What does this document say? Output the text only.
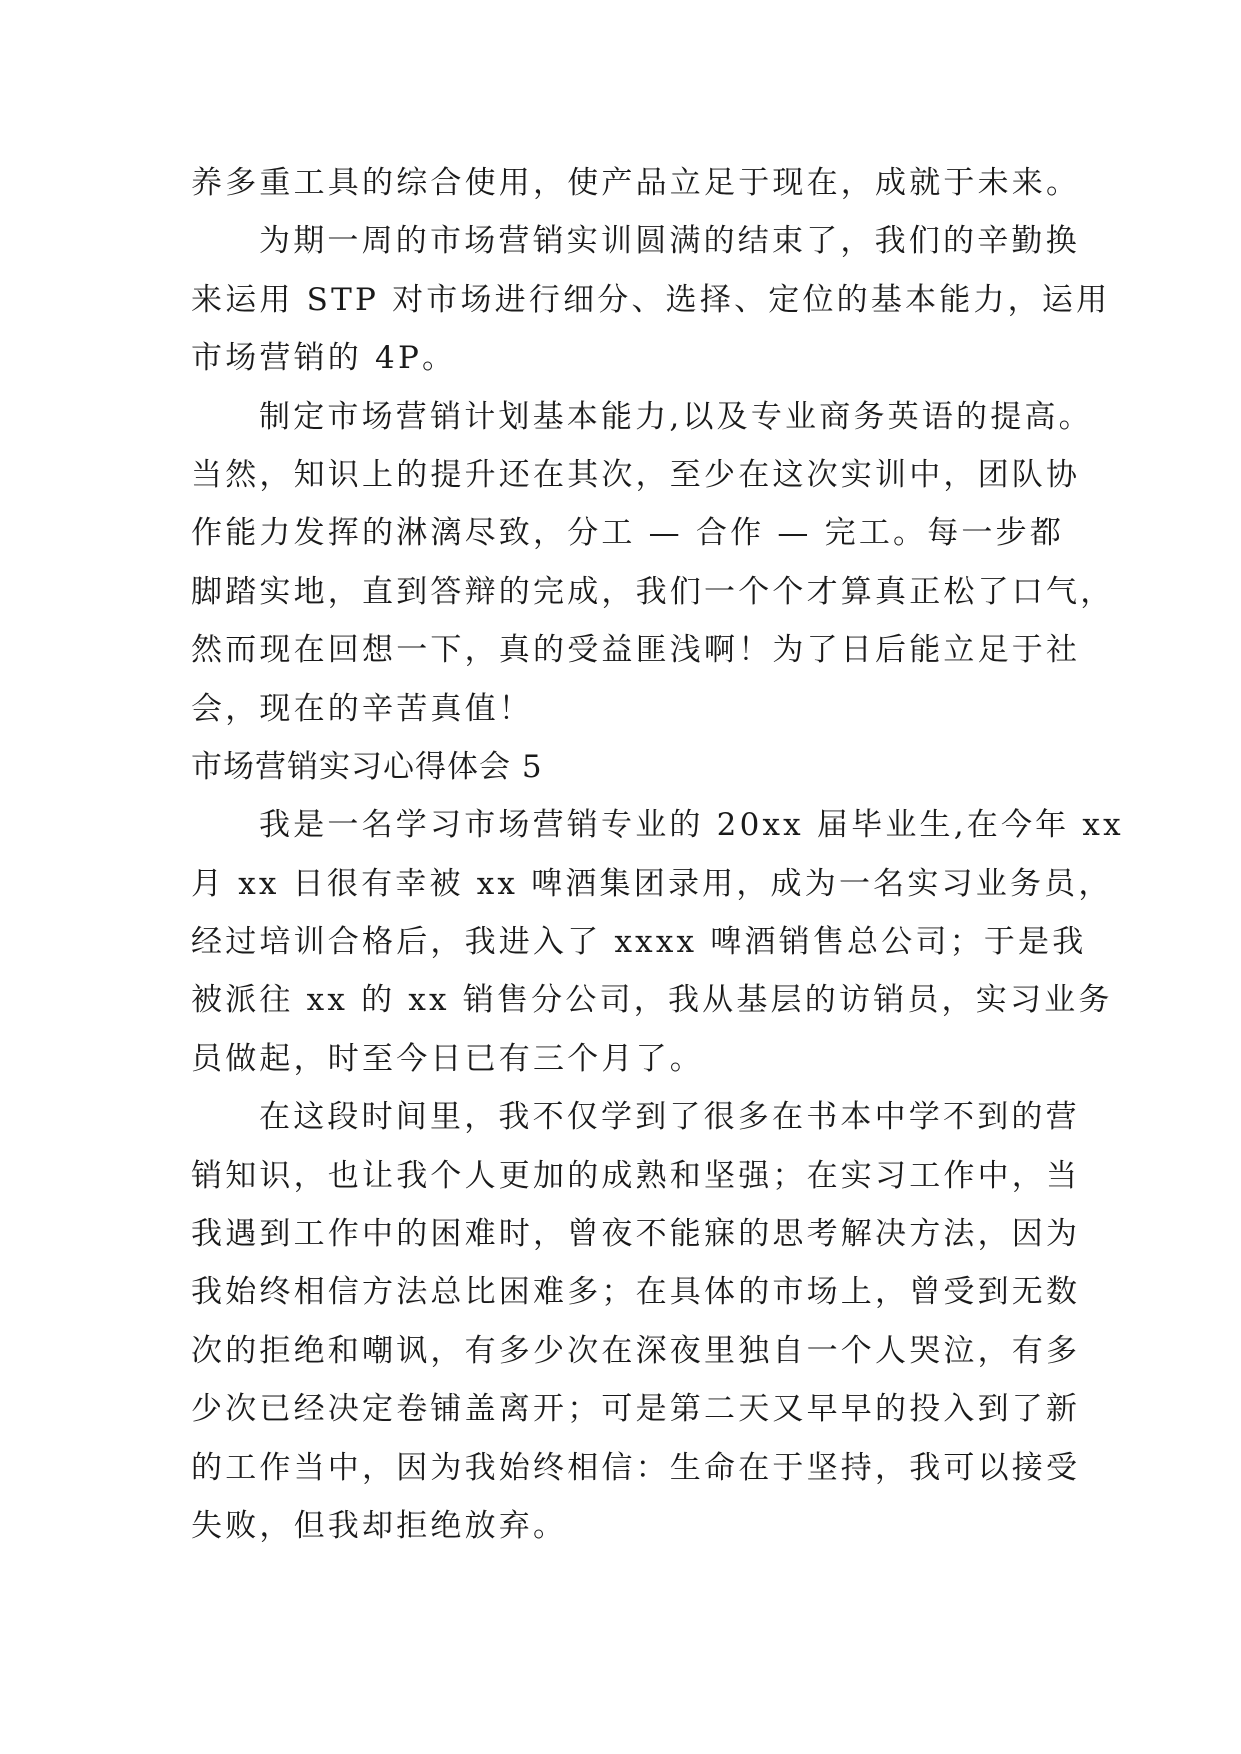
养多重工具的综合使用，使产品立足于现在，成就于未来。
为期一周的市场营销实训圆满的结束了，我们的辛勤换
来运用 STP 对市场进行细分、选择、定位的基本能力，运用
市场营销的 4P。
制定市场营销计划基本能力,以及专业商务英语的提高。
当然，知识上的提升还在其次，至少在这次实训中，团队协
作能力发挥的淋漓尽致，分工 — 合作 — 完工。每一步都
脚踏实地，直到答辩的完成，我们一个个才算真正松了口气，
然而现在回想一下，真的受益匪浅啊！为了日后能立足于社
会，现在的辛苦真值！
市场营销实习心得体会 5
我是一名学习市场营销专业的 20xx 届毕业生,在今年 xx
月 xx 日很有幸被 xx 啤酒集团录用，成为一名实习业务员，
经过培训合格后，我进入了 xxxx 啤酒销售总公司；于是我
被派往 xx 的 xx 销售分公司，我从基层的访销员，实习业务
员做起，时至今日已有三个月了。
在这段时间里，我不仅学到了很多在书本中学不到的营
销知识，也让我个人更加的成熟和坚强；在实习工作中，当
我遇到工作中的困难时，曾夜不能寐的思考解决方法，因为
我始终相信方法总比困难多；在具体的市场上，曾受到无数
次的拒绝和嘲讽，有多少次在深夜里独自一个人哭泣，有多
少次已经决定卷铺盖离开；可是第二天又早早的投入到了新
的工作当中，因为我始终相信：生命在于坚持，我可以接受
失败，但我却拒绝放弃。
